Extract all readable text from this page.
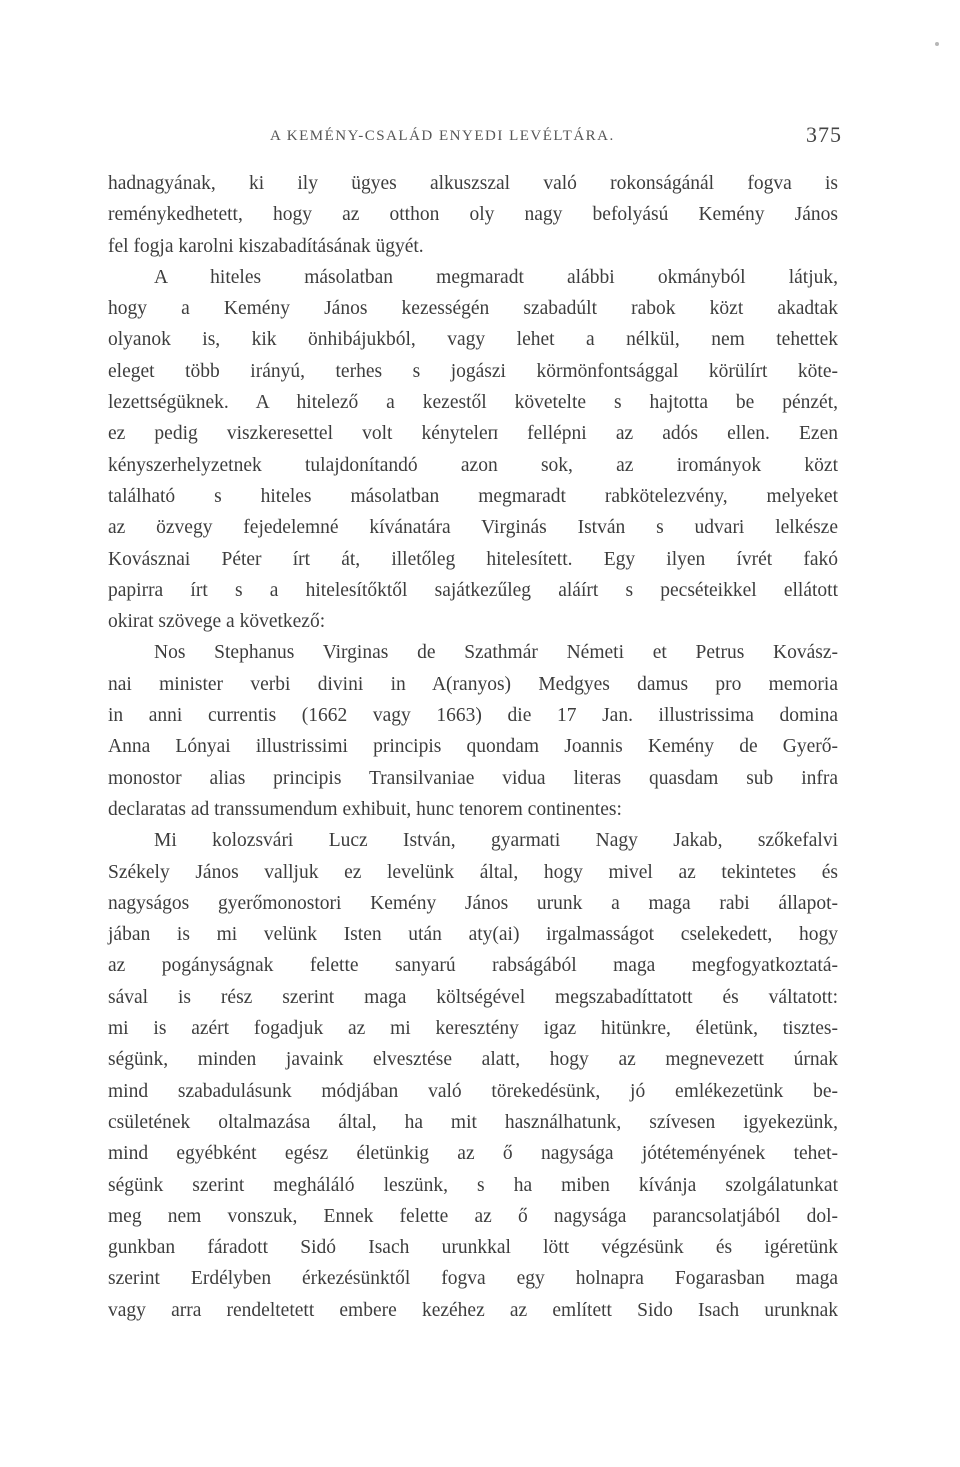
A KEMÉNY-CSALÁD ENYEDI LEVÉLTÁRA.	375
hadnagyának, ki ily ügyes alkuszszal való rokonságánál fogva is
reménykedhetett, hogy az otthon oly nagy befolyású Kemény János
fel fogja karolni kiszabadításának ügyét.
A hiteles másolatban megmaradt alábbi okmányból látjuk,
hogy a Kemény János kezességén szabadúlt rabok közt akadtak
olyanok is, kik önhibájukból, vagy lehet a nélkül, nem tehettek
eleget több irányú, terhes s jogászi körmönfontsággal körülírt köte-
lezettségüknek. A hitelező a kezestől követelte s hajtotta be pénzét,
ez pedig viszkeresettel volt kényteleп fellépni az adós ellen. Ezen
kényszerhelyzetnek tulajdonítandó azon sok, az irományok közt
található s hiteles másolatban megmaradt rabkötelezvény, melyeket
az özvegy fejedelemné kívánatára Virginás István s udvari lelkésze
Kovásznai Péter írt át, illetőleg hitelesített. Egy ilyen ívrét fakó
papirra írt s a hitelesítőktől sajátkezűleg aláírt s pecsétеikkel ellátott
okirat szövege a következő:
Nos Stephanus Virginas de Szathmár Németi et Petrus Kovász-
nai minister verbi divini in A(ranyos) Medgyes damus pro memoria
in anni currentis (1662 vagy 1663) die 17 Jan. illustrissima domina
Anna Lónyai illustrissimi principis quondam Joannis Kemény de Gyerő-
monostor alias principis Transilvaniae vidua literas quasdam sub infra
declaratas ad transsumendum exhibuit, hunc tenorem continentes:
Mi kolozsvári Lucz István, gyarmati Nagy Jakab, szőkefalvi
Székely János valljuk ez levelünk által, hogy mivel az tekintetes és
nagyságos gyerőmonostori Kemény János urunk a maga rabi állapot-
jában is mi velünk Isten után aty(ai) irgalmasságot cselekedett, hogy
az pogányságnak felette sanyarú rabságából maga megfogyatkoztatá-
sával is rész szerint maga költségével megszabadíttatott és váltatott:
mi is azért fogadjuk az mi keresztény igaz hitünkre, életünk, tisztes-
ségünk, minden javaink elvesztése alatt, hogy az megnevezett úrnak
mind szabadulásunk módjában való törekedésünk, jó emlékezetünk be-
csületének oltalmazása által, ha mit használhatunk, szívesen igyekezünk,
mind egyébként egész életünkig az ő nagysága jótéteményének tehet-
ségünk szerint megháláló leszünk, s ha miben kívánja szolgálatunkat
meg nem vonszuk, Ennek felette az ő nagysága parancsolatjából dol-
gunkban fáradott Sidó Isach urunkkal lött végzésünk és igéretünk
szerint Erdélyben érkezésünktől fogva egy holnapra Fogarasban maga
vagy arra rendeltetett embere kezéhez az említett Sido Isach urunknak
